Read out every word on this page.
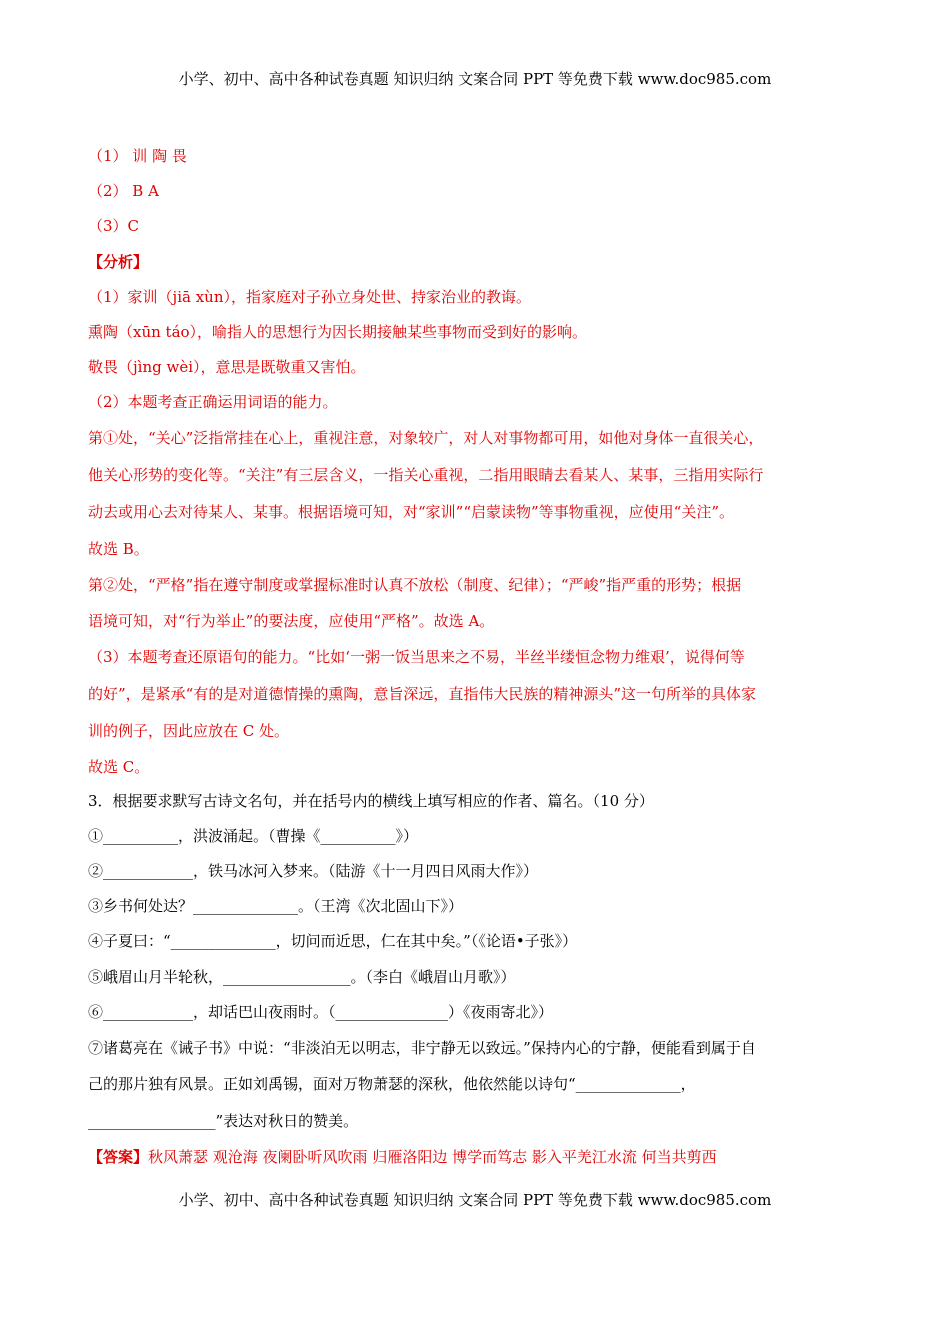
小学、初中、高中各种试卷真题 知识归纳 文案合同 PPT 等免费下载 www.doc985.com
（1） 训 陶 畏
（2） B A
（3）C
【分析】
（1）家训（jiā xùn），指家庭对子孙立身处世、持家治业的教诲。
熏陶（xūn táo），喻指人的思想行为因长期接触某些事物而受到好的影响。
敬畏（jìng wèi），意思是既敬重又害怕。
（2）本题考查正确运用词语的能力。
第①处，“关心”泛指常挂在心上，重视注意，对象较广，对人对事物都可用，如他对身体一直很关心，
他关心形势的变化等。“关注”有三层含义，一指关心重视，二指用眼睛去看某人、某事，三指用实际行
动去或用心去对待某人、某事。根据语境可知，对“家训”“启蒙读物”等事物重视，应使用“关注”。
故选 B。
第②处，“严格”指在遵守制度或掌握标准时认真不放松（制度、纪律）；“严峻”指严重的形势；根据
语境可知，对“行为举止”的要法度，应使用“严格”。故选 A。
（3）本题考查还原语句的能力。“比如‘一粥一饭当思来之不易，半丝半缕恒念物力维艰’，说得何等
的好”，是紧承“有的是对道德情操的熏陶，意旨深远，直指伟大民族的精神源头”这一句所举的具体家
训的例子，因此应放在 C 处。
故选 C。
3．根据要求默写古诗文名句，并在括号内的横线上填写相应的作者、篇名。（10 分）
①__________，洪波涌起。（曹操《__________》）
②____________，铁马冰河入梦来。（陆游《十一月四日风雨大作》）
③乡书何处达？______________。（王湾《次北固山下》）
④子夏曰：“______________，切问而近思，仁在其中矣。”（《论语•子张》）
⑤峨眉山月半轮秋，_________________。（李白《峨眉山月歌》）
⑥____________，却话巴山夜雨时。（_______________）《夜雨寄北》）
⑦诸葛亮在《诫子书》中说：“非淡泊无以明志，非宁静无以致远。”保持内心的宁静，便能看到属于自
己的那片独有风景。正如刘禹锡，面对万物萧瑟的深秋，他依然能以诗句“______________，
_________________”表达对秋日的赞美。
【答案】秋风萧瑟 观沧海 夜阑卧听风吹雨 归雁洛阳边 博学而笃志 影入平羌江水流 何当共剪西
小学、初中、高中各种试卷真题 知识归纳 文案合同 PPT 等免费下载 www.doc985.com
